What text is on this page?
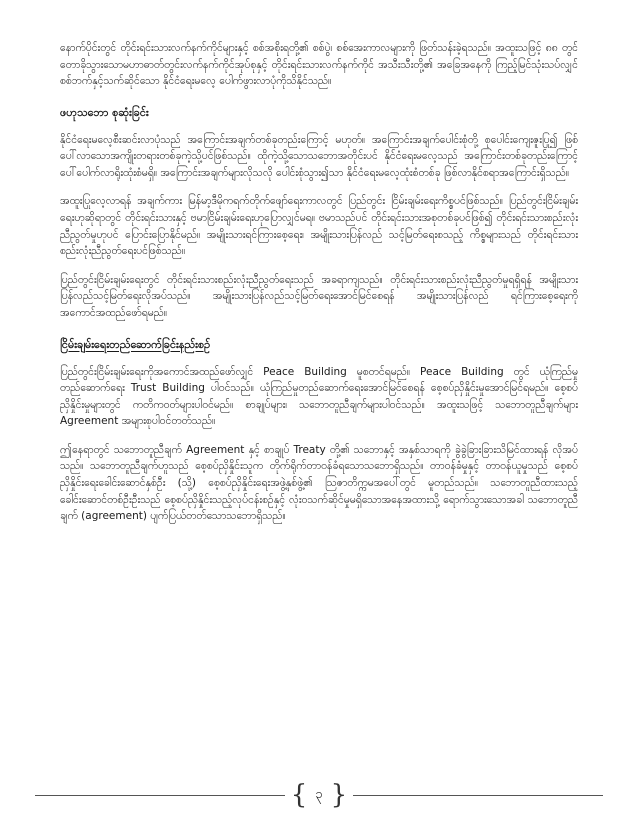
နောက်ပိုင်းတွင် တိုင်းရင်းသားလက်နက်ကိုင်များနှင့် စစ်အစိုးရတို့၏ စစ်ပွဲ၊ စစ်အေးကာလများကို ဖြတ်သန်းခဲ့ရသည်။ အထူးသဖြင့် ၈၈ တွင်တောခိုသွားသောမဟာဓာတ်တွင်းလက်နက်ကိုင်အုပ်စုနှင့် တိုင်းရင်းသားလက်နက်ကိုင် အသီးသီးတို့၏ အခြေအနေကို ကြည့်မြင်သုံးသပ်လျှင် စစ်ဘက်နှင့်သက်ဆိုင်သော နိုင်ငံရေးမလေ့ ပေါက်ဖွားလာပုံကိုသိနိုင်သည်။

ဖဟုသဘော စုဆုံးခြင်း

နိုင်ငံရေးမလေ့စီးဆင်းလာပုံသည် အကြောင်းအချက်တစ်ခုတည်းကြောင့် မဟုတ်။ အကြောင်းအချက်ပေါင်းစုံတို့ စုပေါင်းကျေးဇူးပြု၍ ဖြစ်ပေါ်လာသောအကျိုးတရားတစ်ခုကဲ့သို့ပင်ဖြစ်သည်။ ထိုကဲ့သို့သောသဘောအတိုင်းပင် နိုင်ငံရေးမလေ့သည် အကြောင်းတစ်ခုတည်းကြောင့် ပေါ်ပေါက်လာရိုးထုံးစံမရှိ။ အကြောင်းအချက်များလိုသလို ပေါင်းစုံသွား၍သာ နိုင်ငံရေးမလေ့ထုံးစံတစ်ခု ဖြစ်လာနိုင်စရာအကြောင်းရှိသည်။

အထူးပြုလေ့လာရန် အချက်ကား မြန်မာ့ဒီမိုကရက်တိုက်ဖျော်ရေးကာလတွင် ပြည်တွင်း ငြိမ်းချမ်းရေးကိစ္စပင်ဖြစ်သည်။ ပြည်တွင်းငြိမ်းချမ်းရေးဟုဆိုရာတွင် တိုင်းရင်းသားနှင့် ဗမာငြိမ်းချမ်းရေးဟုပြောလျှင်မရ။ ဗမာသည်ပင် တိုင်းရင်းသားအစုတစ်ခုပင်ဖြစ်၍ တိုင်းရင်းသားစည်းလုံးညီညွတ်မှုဟုပင် ပြောင်းပြောနိုင်မည်။ အမျိုးသားရင်ကြားစေ့ရေး၊ အမျိုးသားပြန်လည် သင့်မြတ်ရေးစသည့် ကိစ္စများသည် တိုင်းရင်းသားစည်းလုံးညီညွတ်ရေးပင်ဖြစ်သည်။

ပြည်တွင်းငြိမ်းချမ်းရေးတွင် တိုင်းရင်းသားစည်းလုံးညီညွတ်ရေးသည် အခရာကျသည်။ တိုင်းရင်းသားစည်းလုံးညီညွတ်မှုရရှိရန် အမျိုးသားပြန်လည်သင့်မြတ်ရေးလိုအပ်သည်။ အမျိုးသားပြန်လည်သင့်မြတ်ရေးအောင်မြင်စေရန် အမျိုးသားပြန်လည် ရင်ကြားစေ့ရေးကိုအကောင်အထည်ဖော်ရမည်။

ငြိမ်းချမ်းရေးတည်ဆောက်ခြင်းနည်းစဉ်

ပြည်တွင်းငြိမ်းချမ်းရေးကိုအကောင်အထည်ဖော်လျှင် Peace Building မူစတင်ရမည်။ Peace Building တွင် ယုံကြည်မှုတည်ဆောက်ရေး Trust Building ပါဝင်သည်။ ယုံကြည်မှုတည်ဆောက်ရေးအောင်မြင်စေရန် စေ့စပ်ညှိနှိုင်းမှုအောင်မြင်ရမည်။ စေ့စပ်ညှိနှိုင်းမှုများတွင် ကတိကဝတ်များပါဝင်မည်။ စာချုပ်များ၊ သဘောတူညီချက်များပါဝင်သည်။ အထူးသဖြင့် သဘောတူညီချက်များ Agreement အများစုပါဝင်တတ်သည်။

ဤနေရာတွင် သဘောတူညီချက် Agreement နှင့် စာချုပ် Treaty တို့၏ သဘောနှင့် အနှစ်သာရကို ခွဲခွဲခြားခြားသိမြင်ထားရန် လိုအပ်သည်။ သဘောတူညီချက်ဟူသည် စေ့စပ်ညှိနှိုင်းသူက တိုက်ရိုက်တာဝန်ခံရသောသဘောရှိသည်။ တာဝန်ခံမှုနှင့် တာဝန်ယူမှုသည် စေ့စပ်ညှိနှိုင်းရေးခေါင်းဆောင်နှစ်ဦး (သို့) စေ့စပ်ညှိနှိုင်းရေးအဖွဲ့နှစ်ဖွဲ့၏ သြဇာတိက္ကမအပေါ်တွင် မူတည်သည်။ သဘောတူညီထားသည့် ခေါင်းဆောင်တစ်ဦးဦးသည် စေ့စပ်ညှိနှိုင်းသည့်လုပ်ငန်းစဉ်နှင့် လုံးဝသက်ဆိုင်မှုမရှိသောအနေအထားသို့ ရောက်သွားသောအခါ သဘောတူညီချက် (agreement) ပျက်ပြယ်တတ်သောသဘောရှိသည်။

{ ၃ }
